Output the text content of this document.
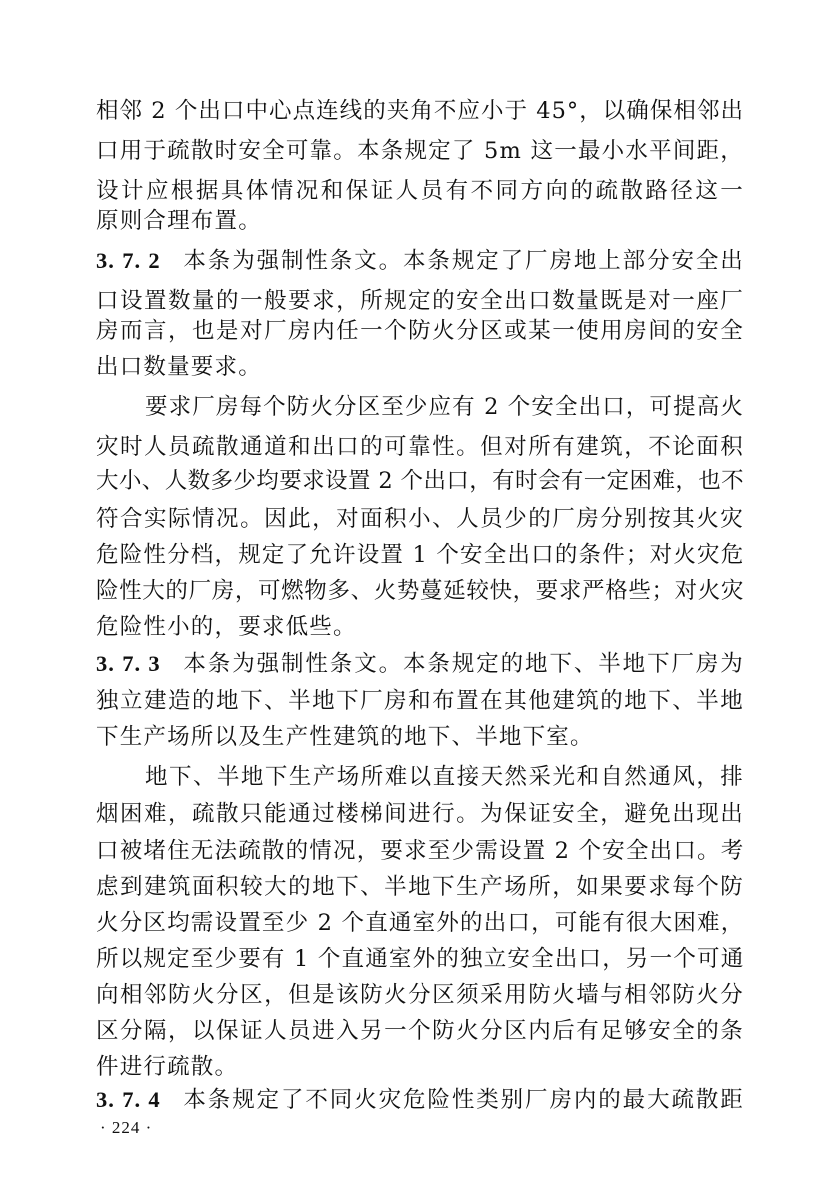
相邻 2 个出口中心点连线的夹角不应小于 45°，以确保相邻出
口用于疏散时安全可靠。本条规定了 5m 这一最小水平间距，
设计应根据具体情况和保证人员有不同方向的疏散路径这一
原则合理布置。
3. 7. 2 本条为强制性条文。本条规定了厂房地上部分安全出
口设置数量的一般要求，所规定的安全出口数量既是对一座厂
房而言，也是对厂房内任一个防火分区或某一使用房间的安全
出口数量要求。
要求厂房每个防火分区至少应有 2 个安全出口，可提高火
灾时人员疏散通道和出口的可靠性。但对所有建筑，不论面积
大小、人数多少均要求设置 2 个出口，有时会有一定困难，也不
符合实际情况。因此，对面积小、人员少的厂房分别按其火灾
危险性分档，规定了允许设置 1 个安全出口的条件；对火灾危
险性大的厂房，可燃物多、火势蔓延较快，要求严格些；对火灾
危险性小的，要求低些。
3. 7. 3 本条为强制性条文。本条规定的地下、半地下厂房为
独立建造的地下、半地下厂房和布置在其他建筑的地下、半地
下生产场所以及生产性建筑的地下、半地下室。
地下、半地下生产场所难以直接天然采光和自然通风，排
烟困难，疏散只能通过楼梯间进行。为保证安全，避免出现出
口被堵住无法疏散的情况，要求至少需设置 2 个安全出口。考
虑到建筑面积较大的地下、半地下生产场所，如果要求每个防
火分区均需设置至少 2 个直通室外的出口，可能有很大困难，
所以规定至少要有 1 个直通室外的独立安全出口，另一个可通
向相邻防火分区，但是该防火分区须采用防火墙与相邻防火分
区分隔，以保证人员进入另一个防火分区内后有足够安全的条
件进行疏散。
3. 7. 4 本条规定了不同火灾危险性类别厂房内的最大疏散距
· 224 ·
